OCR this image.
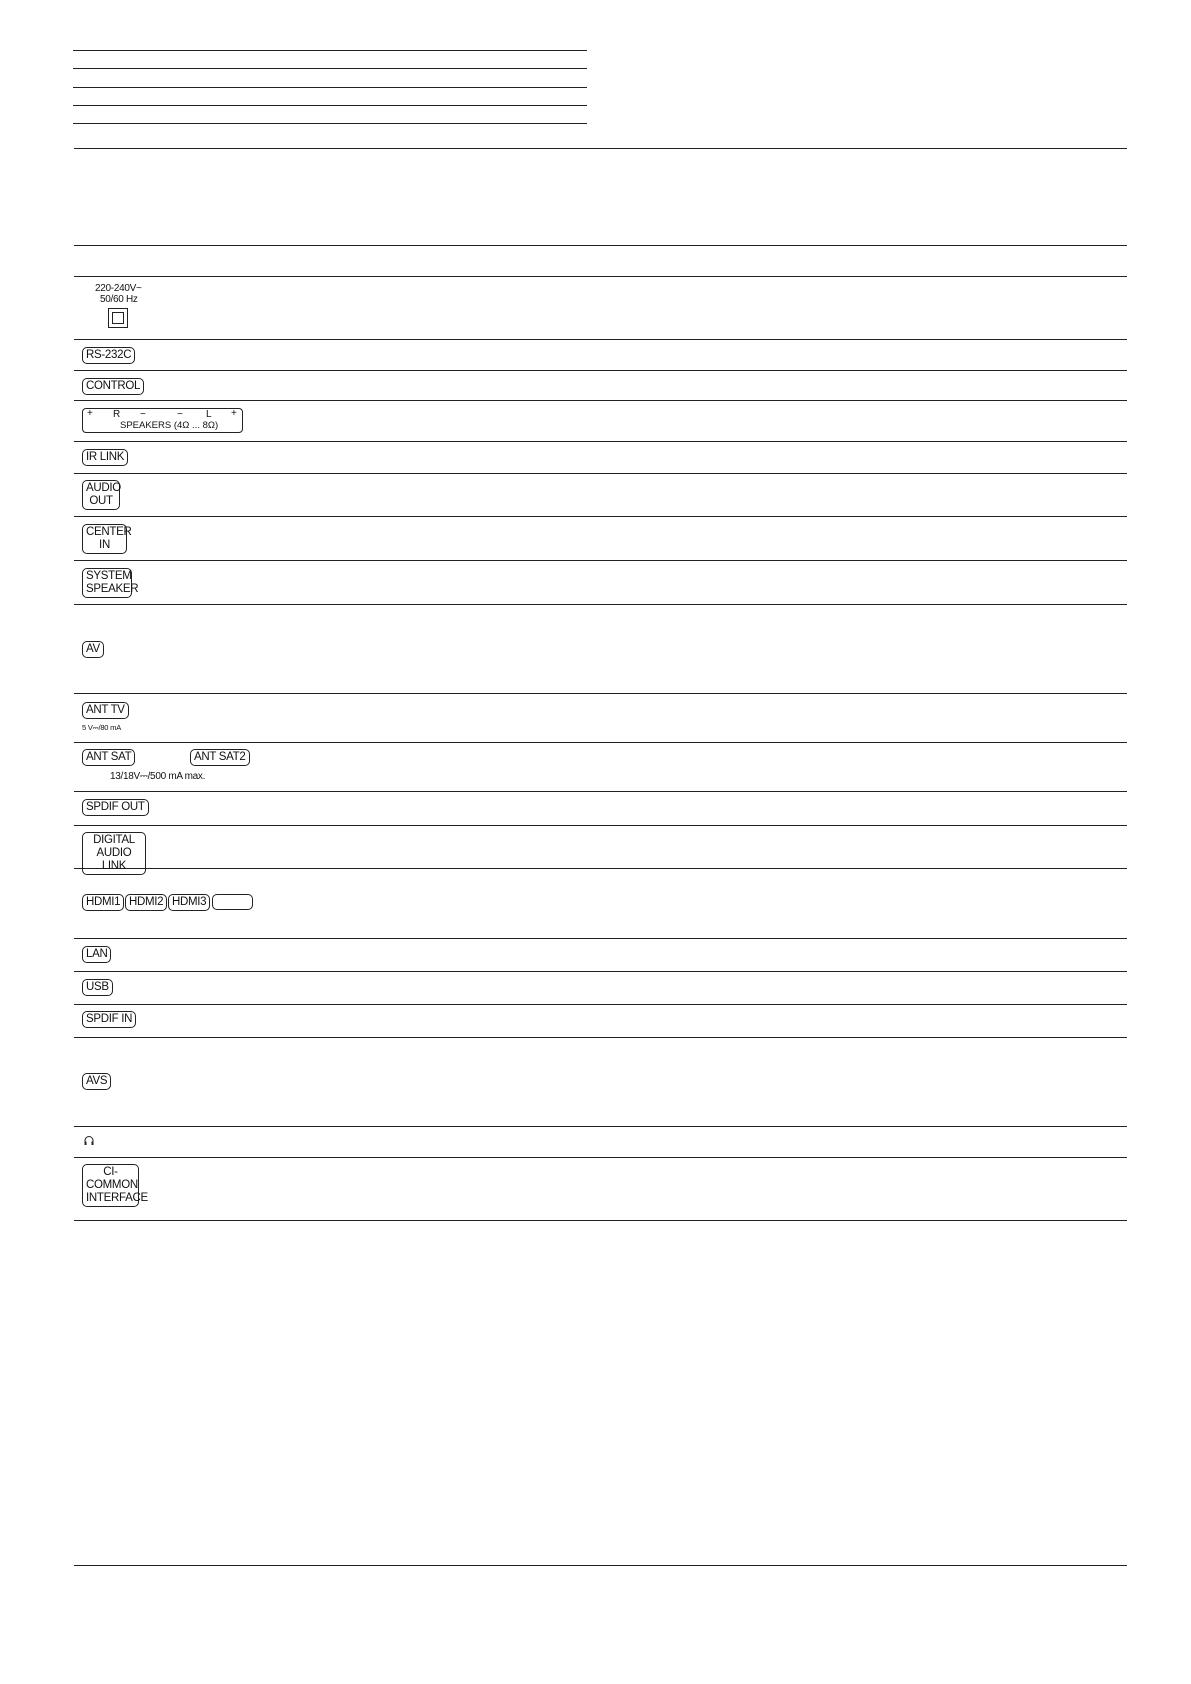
220-240V~
50/60 Hz
RS-232C
CONTROL
+ R −	− L +
SPEAKERS (4Ω ... 8Ω)
IR LINK
AUDIO
OUT
CENTER
IN
SYSTEM
SPEAKER
AV
ANT TV
5 V⎓/80 mA
ANT SAT	ANT SAT2
13/18V⎓/500 mA max.
SPDIF OUT
DIGITAL
AUDIO LINK
HDMI1 HDMI2 HDMI3
LAN
USB
SPDIF IN
AVS
CI-
COMMON
INTERFACE
